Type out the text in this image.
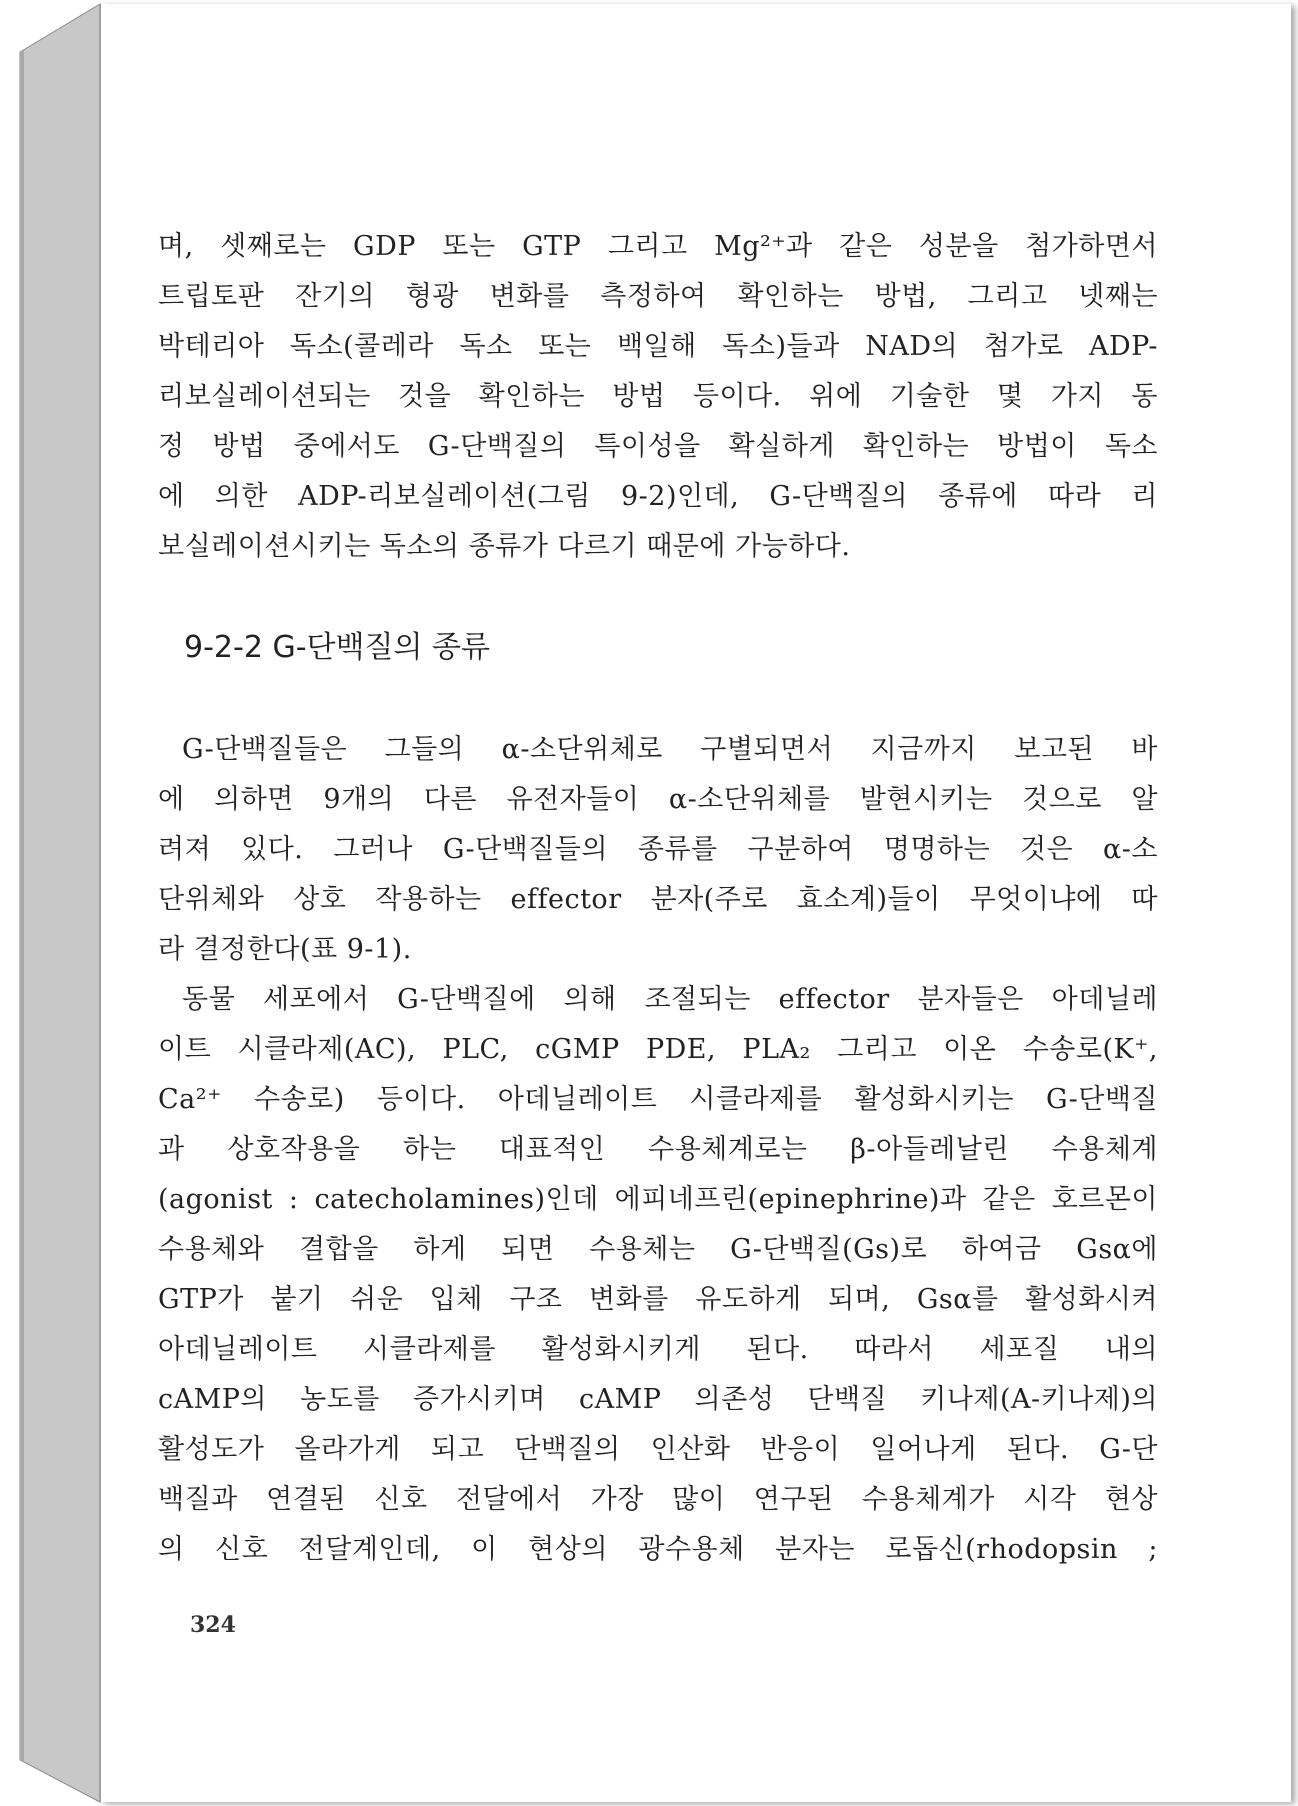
며, 셋째로는 GDP 또는 GTP 그리고 Mg²⁺과 같은 성분을 첨가하면서
트립토판 잔기의 형광 변화를 측정하여 확인하는 방법, 그리고 넷째는
박테리아 독소(콜레라 독소 또는 백일해 독소)들과 NAD의 첨가로 ADP-
리보실레이션되는 것을 확인하는 방법 등이다. 위에 기술한 몇 가지 동
정 방법 중에서도 G-단백질의 특이성을 확실하게 확인하는 방법이 독소
에 의한 ADP-리보실레이션(그림 9-2)인데, G-단백질의 종류에 따라 리
보실레이션시키는 독소의 종류가 다르기 때문에 가능하다.
9-2-2 G-단백질의 종류
G-단백질들은 그들의 α-소단위체로 구별되면서 지금까지 보고된 바
에 의하면 9개의 다른 유전자들이 α-소단위체를 발현시키는 것으로 알
려져 있다. 그러나 G-단백질들의 종류를 구분하여 명명하는 것은 α-소
단위체와 상호 작용하는 effector 분자(주로 효소계)들이 무엇이냐에 따
라 결정한다(표 9-1).
동물 세포에서 G-단백질에 의해 조절되는 effector 분자들은 아데닐레
이트 시클라제(AC), PLC, cGMP PDE, PLA₂ 그리고 이온 수송로(K⁺,
Ca²⁺ 수송로) 등이다. 아데닐레이트 시클라제를 활성화시키는 G-단백질
과 상호작용을 하는 대표적인 수용체계로는 β-아들레날린 수용체계
(agonist : catecholamines)인데 에피네프린(epinephrine)과 같은 호르몬이
수용체와 결합을 하게 되면 수용체는 G-단백질(Gs)로 하여금 Gsα에
GTP가 붙기 쉬운 입체 구조 변화를 유도하게 되며, Gsα를 활성화시켜
아데닐레이트 시클라제를 활성화시키게 된다. 따라서 세포질 내의
cAMP의 농도를 증가시키며 cAMP 의존성 단백질 키나제(A-키나제)의
활성도가 올라가게 되고 단백질의 인산화 반응이 일어나게 된다. G-단
백질과 연결된 신호 전달에서 가장 많이 연구된 수용체계가 시각 현상
의 신호 전달계인데, 이 현상의 광수용체 분자는 로돕신(rhodopsin ;
324
